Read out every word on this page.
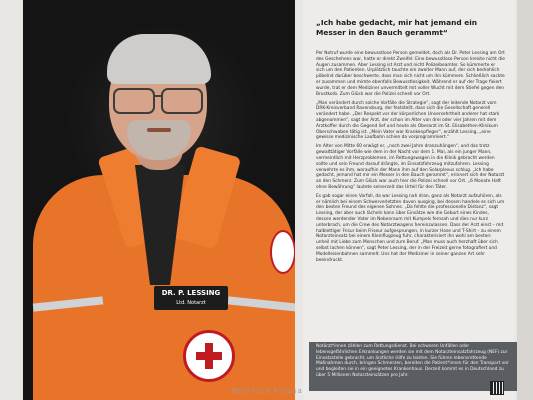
DR. P. LESSING
Ltd. Notarzt
Reinhold Krossa
„Ich habe gedacht, mir hat jemand ein Messer in den Bauch gerammt“

Per Notruf wurde eine bewusstlose Person gemeldet, doch als Dr. Peter Lessing am Ort des Geschehens war, hatte er direkt Zweifel: Eine bewusstlose Person kreiste nicht die Augen zusammen. Aber Lessing ist Arzt und nicht Polizeibeamter. So kümmerte er sich um den Patienten. Urplötzlich tauchte ein zweiter Mann auf, der sich bedrohlich pöbelnd darüber beschwerte, dass man sich nicht um ihn kümmere. Schließlich sackte er zusammen und mimte ebenfalls Bewusstlosigkeit. Während er auf der Trage fixiert wurde, trat er dem Mediziner unvermittelt mit voller Wucht mit dem Stiefel gegen den Brustkorb. Zum Glück war die Polizei schnell vor Ort.

„Man verändert durch solche Vorfälle die Strategie“, sagt der leitende Notarzt vom DRK-Kreisverband Ravensburg, der feststellt, dass sich die Gesellschaft generell verändert habe. „Der Respekt vor der körperlichen Unversehrtheit anderer hat stark abgenommen“, sagt der Arzt, der schon im Alter von drei oder vier Jahren mit dem Arztkoffer durch die Gegend lief und heute als Oberarzt im St. Elisabethen-Klinikum Oberschwaben tätig ist. „Mein Vater war Krankenpfleger“, erzählt Lessing, „eine gewisse medizinische Laufbahn schien da vorprogrammiert.“

Im Alter von Mitte 60 erwägt er, „noch zwei Jahre dranzuhängen“, und das trotz gewalttätiger Vorfälle wie dem in der Nacht vor dem 1. Mai, als ein junger Mann, vermeintlich mit Herzproblemen, im Rettungswagen in die Klinik gebracht werden sollte und sein Freund darauf drängte, im Einsatzfahrzeug mitzufahren. Lessing verwehrte es ihm, woraufhin der Mann ihm auf den Solarplexus schlug. „Ich habe gedacht, jemand hat mir ein Messer in den Bauch gerammt“, erinnert sich der Notarzt an den Schmerz. Zum Glück war auch hier die Polizei schnell vor Ort. „6 Monate Haft ohne Bewährung“ lautete seinerzeit das Urteil für den Täter.

Es gab sogar einen Vorfall, da war Lessing nah dran, ganz als Notarzt aufzuhören, als er nämlich bei einem Schwerverletzten davon ausging, bei dessen handele es sich um den besten Freund des eigenen Sohnes. „Da fehlte die professionelle Distanz“, sagt Lessing, der aber auch lächeln kann über Einsätze wie die Geburt eines Kindes, dessen werdender Vater im Nebenraum mit Kumpels fernsah und dies nur kurz unterbrach, um die Crew des Notarztwagens hereinzulassen. Dass der Arzt einst – mit halblettiger Frisur beim Friseur aufgesprungen, in kurzer Hose und T-Shirt – zu einem Notarzteinsatz bei einem Kleinflugzeug fuhr, charakterisiert ihn wohl am besten: unheil mit Liebe zum Menschen und zum Beruf. „Man muss auch herzhaft über sich selbst lachen können“, sagt Peter Lessing, der in der Freizeit gerne fotografiert und Modelleisenbahnen sammelt. Uns hat der Mediziner in seiner ganzen Art sehr beeindruckt.

Notärzt*innen zählen zum Rettungsdienst. Bei schweren Unfällen oder lebensgefährlichen Erkrankungen werden sie mit dem Notarzteinsatzfahrzeug (NEF) zur Einsatzstelle gebracht, um ärztliche Hilfe zu leisten. Sie führen lebensrettende Maßnahmen durch, bringen Schmerzen, bereiten die Patient*innen für den Transport vor und begleiten sie in ein geeignetes Krankenhaus. Derzeit kommt es in Deutschland zu über 5 Millionen Notarzteinsätzen pro Jahr.
